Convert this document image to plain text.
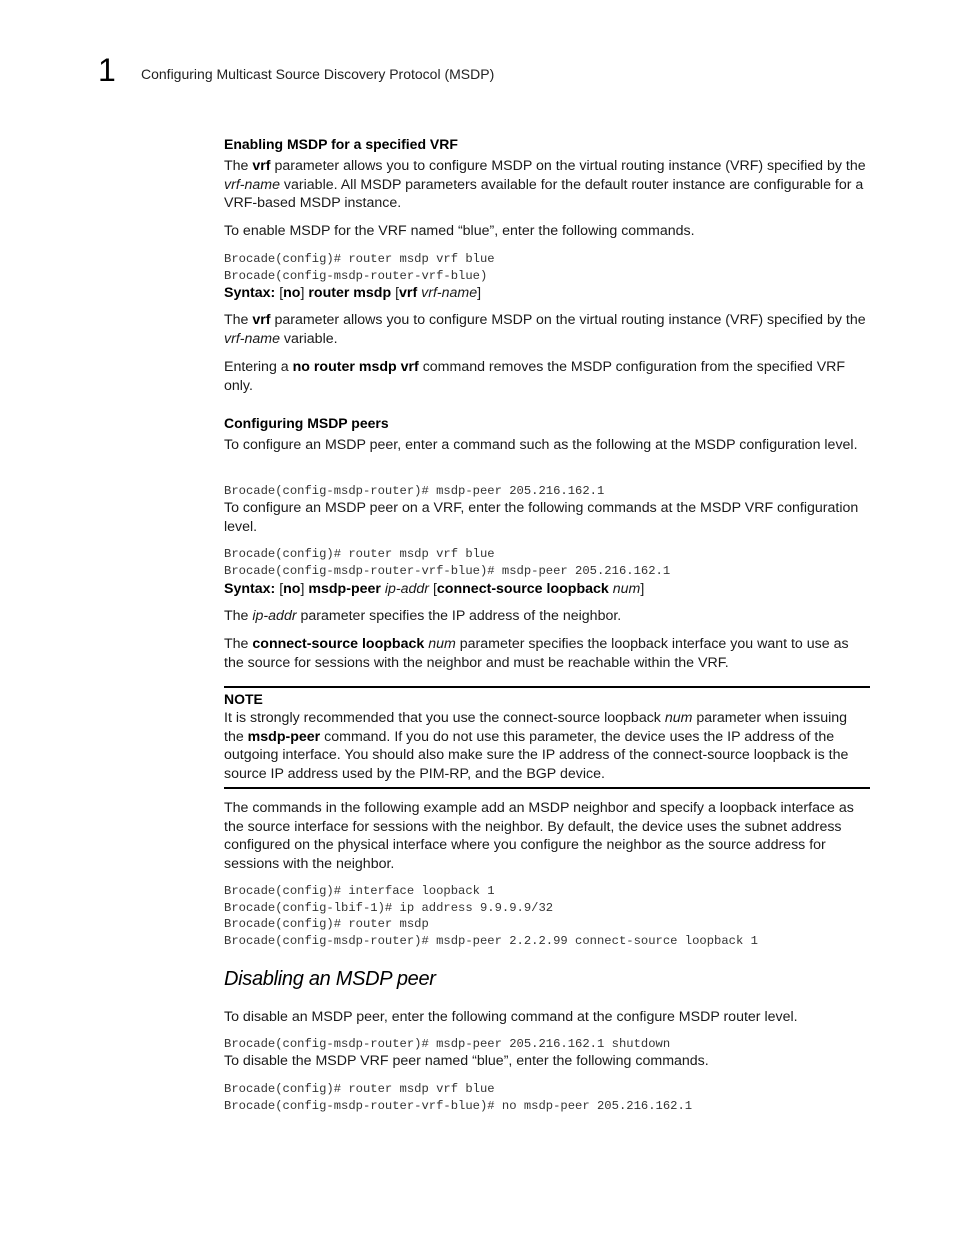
1 Configuring Multicast Source Discovery Protocol (MSDP)
Enabling MSDP for a specified VRF

The vrf parameter allows you to configure MSDP on the virtual routing instance (VRF) specified by the vrf-name variable. All MSDP parameters available for the default router instance are configurable for a VRF-based MSDP instance.

To enable MSDP for the VRF named “blue”, enter the following commands.

Brocade(config)# router msdp vrf blue
Brocade(config-msdp-router-vrf-blue)

Syntax: [no] router msdp [vrf vrf-name]

The vrf parameter allows you to configure MSDP on the virtual routing instance (VRF) specified by the vrf-name variable.

Entering a no router msdp vrf command removes the MSDP configuration from the specified VRF only.

Configuring MSDP peers

To configure an MSDP peer, enter a command such as the following at the MSDP configuration level.

Brocade(config-msdp-router)# msdp-peer 205.216.162.1

To configure an MSDP peer on a VRF, enter the following commands at the MSDP VRF configuration level.

Brocade(config)# router msdp vrf blue
Brocade(config-msdp-router-vrf-blue)# msdp-peer 205.216.162.1

Syntax: [no] msdp-peer ip-addr [connect-source loopback num]

The ip-addr parameter specifies the IP address of the neighbor.

The connect-source loopback num parameter specifies the loopback interface you want to use as the source for sessions with the neighbor and must be reachable within the VRF.

NOTE

It is strongly recommended that you use the connect-source loopback num parameter when issuing the msdp-peer command. If you do not use this parameter, the device uses the IP address of the outgoing interface. You should also make sure the IP address of the connect-source loopback is the source IP address used by the PIM-RP, and the BGP device.

The commands in the following example add an MSDP neighbor and specify a loopback interface as the source interface for sessions with the neighbor. By default, the device uses the subnet address configured on the physical interface where you configure the neighbor as the source address for sessions with the neighbor.

Brocade(config)# interface loopback 1
Brocade(config-lbif-1)# ip address 9.9.9.9/32
Brocade(config)# router msdp
Brocade(config-msdp-router)# msdp-peer 2.2.2.99 connect-source loopback 1
Disabling an MSDP peer

To disable an MSDP peer, enter the following command at the configure MSDP router level.

Brocade(config-msdp-router)# msdp-peer 205.216.162.1 shutdown

To disable the MSDP VRF peer named “blue”, enter the following commands.

Brocade(config)# router msdp vrf blue
Brocade(config-msdp-router-vrf-blue)# no msdp-peer 205.216.162.1
